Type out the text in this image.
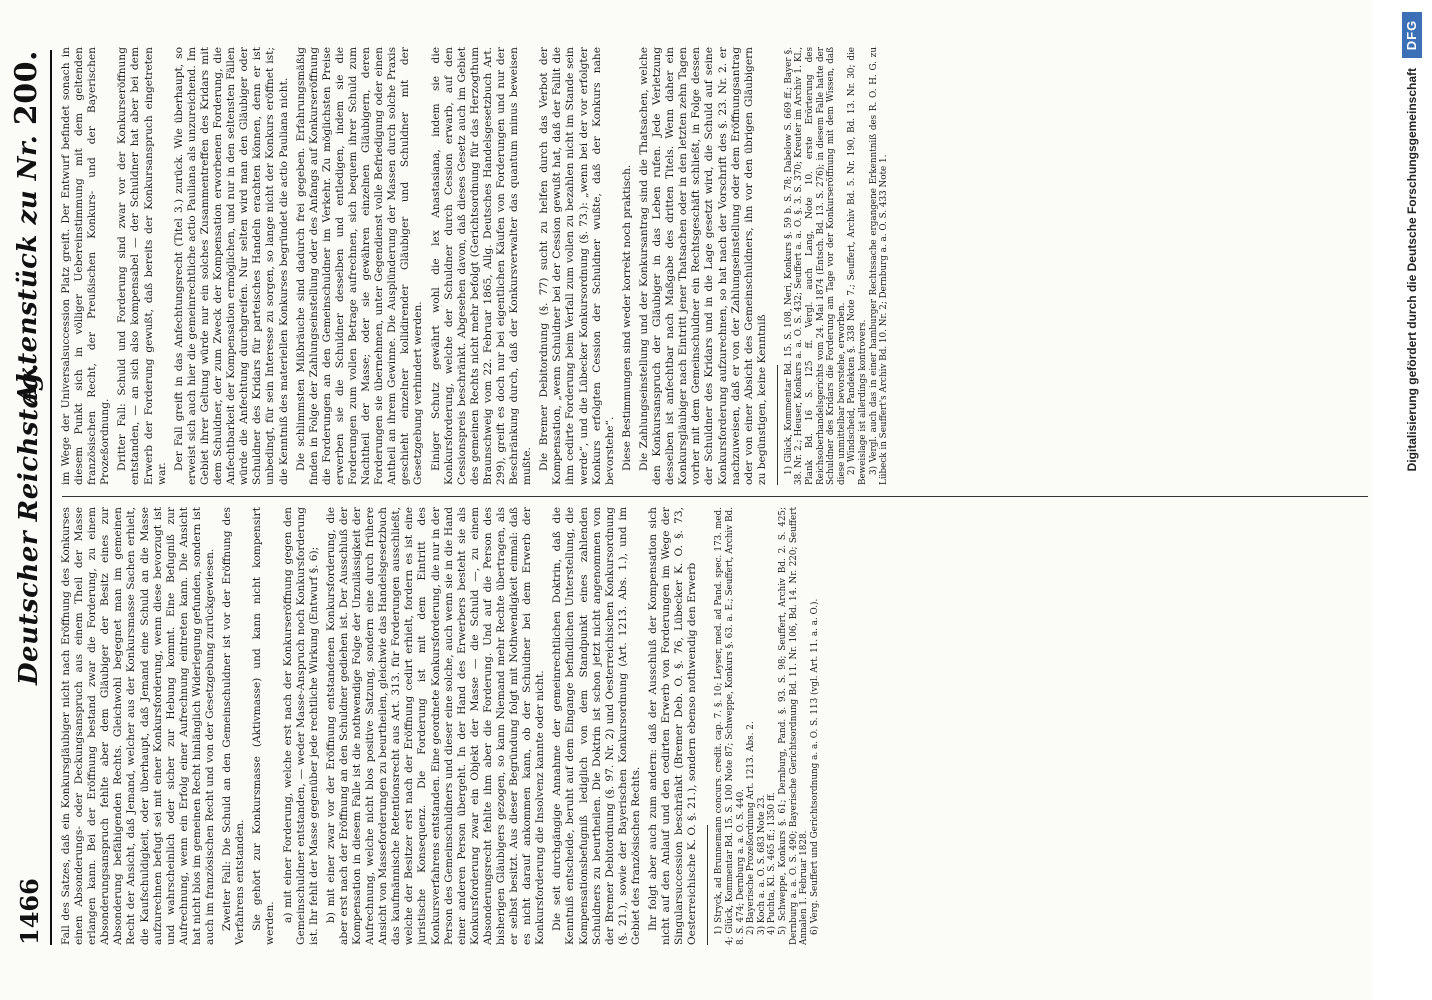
1466
Deutscher Reichstag.
Aktenstück zu Nr. 200.

Fall des Satzes, daß ein Konkursgläubiger nicht nach Eröffnung des Konkurses einen Absonderungs- oder Deckungsanspruch aus einem Theil der Masse erlangen kann. Bei der Eröffnung bestand zwar die Forderung, zu einem Absonderungsanspruch fehlte aber dem Gläubiger der Besitz eines zur Absonderung befähigenden Rechts. Gleichwohl begegnet man im gemeinen Recht der Ansicht, daß Jemand, welcher aus der Konkursmasse Sachen erhielt, die Kaufschuldigkeit, oder überhaupt, daß Jemand eine Schuld an die Masse aufzurechnen befugt sei mit einer Konkursforderung, wenn diese bevorzugt ist und wahrscheinlich oder sicher zur Hebung kommt. Eine Befugniß zur Aufrechnung, wenn ein Erfolg einer Aufrechnung eintreten kann. Die Ansicht hat nicht blos im gemeinen Recht hinlänglich Widerlegung gefunden, sondern ist auch im französischen Recht und von der Gesetzgebung zurückgewiesen. Zweiter Fall: Die Schuld an den Gemeinschuldner ist vor der Eröffnung des Verfahrens entstanden. Sie gehört zur Konkursmasse (Aktivmasse) und kann nicht kompensirt werden.

a) mit einer Forderung, welche erst nach der Konkurseröffnung gegen den Gemeinschuldner entstanden, — weder Masse-Anspruch noch Konkursforderung ist. Ihr fehlt der Masse gegenüber jede rechtliche Wirkung (Entwurf §. 6); b) mit einer zwar vor der Eröffnung entstandenen Konkursforderung, die aber erst nach der Eröffnung an den Schuldner gediehen ist. Der Ausschluß der Kompensation in diesem Falle ist die nothwendige Folge der Unzulässigkeit der Aufrechnung, welche nicht blos positive Satzung, sondern eine durch frühere Ansicht von Masseforderungen zu beurtheilen, gleichwie das Handelsgesetzbuch das kaufmännische Retentionsrecht aus Art. 313. für Forderungen ausschließt, welche der Besitzer erst nach der Eröffnung cedirt erhielt, fordern es ist eine juristische Konsequenz. Die Forderung ist mit dem Eintritt des Konkursverfahrens entstanden. Eine geordnete Konkursforderung, die nur in der Person des Gemeinschuldners und dieser eine solche, auch wenn sie in die Hand einer anderen Person übergeht. In der Hand des Erwerbers besteht sie als Konkursforderung zwar ein Objekt der Masse — die Schuld —, zu einem Absonderungsrecht fehlte ihm aber die Forderung. Und auf die Person des bisherigen Gläubigers gezogen, so kann Niemand mehr Rechte übertragen, als er selbst besitzt. Aus dieser Begründung folgt mit Nothwendigkeit einmal: daß es nicht darauf ankommen kann, ob der Schuldner bei dem Erwerb der Konkursforderung die Insolvenz kannte oder nicht. Die seit durchgängige Annahme der gemeinrechtlichen Doktrin, daß die Kenntniß entscheide, beruht auf dem Eingange befindlichen Unterstellung, die Kompensationsbefugniß lediglich von dem Standpunkt eines zahlenden Schuldners zu beurtheilen. Die Doktrin ist schon jetzt nicht angenommen von der Bremer Debitordnung (§. 97. Nr. 2) und Oesterreichischen Konkursordnung (§. 21.), sowie der Bayerischen Konkursordnung (Art. 1213. Abs. 1.), und im Gebiet des französischen Rechts. Ihr folgt aber auch zum andern: daß der Ausschluß der Kompensation sich nicht auf den Anlauf und den cedirten Erwerb von Forderungen im Wege der Singularsuccession beschränkt (Bremer Deb. O. §. 76, Lübecker K. O. §. 73, Oesterreichische K. O. §. 21.), sondern ebenso nothwendig den Erwerb 1) Stryck, ad Brunnemann concurs. credit. cap. 7. §. 10; Leyser, med. ad Pand. spec. 173. med. 4; Glück, Kommentar Bd. 15. S. 100 Note 87; Schweppe, Konkurs §. 63. a. E.; Seuffert, Archiv Bd. 8. S. 474; Dernburg a. a. O. S. 440. 2) Bayerische Prozeßordnung Art. 1213. Abs. 2. 3) Koch a. a. O. S. 683 Note 23. 4) Puchta, Kl. S. 465 ff.; 1350 ff. 5) Schweppe, Konkurs §. 61; Dernburg, Pand. §. 93. S. 98; Seuffert, Archiv Bd. 2. S. 425; Dernburg a. a. O. S. 490; Bayerische Gerichtsordnung Bd. 11. Nr. 106, Bd. 14. Nr. 220; Seuffert Annalen 1. Februar 1828. 6) Verg. Seuffert und Gerichtsordnung a. a. O. S. 113 (vgl. Art. 11. a. a. O.).

im Wege der Universalsuccession Platz greift. Der Entwurf befindet sonach in diesem Punkt sich in völliger Uebereinstimmung mit dem geltenden französischen Recht, der Preußischen Konkurs- und der Bayerischen Prozeßordnung. Dritter Fall: Schuld und Forderung sind zwar vor der Konkurseröffnung entstanden, — an sich also kompensabel — der Schuldner hat aber bei dem Erwerb der Forderung gewußt, daß bereits der Konkursanspruch eingetreten war.

Der Fall greift in das Anfechtungsrecht (Titel 3.) zurück. Wie überhaupt, so erweist sich auch hier die gemeinrechtliche actio Pauliana als unzureichend. Im Gebiet ihrer Geltung würde nur ein solches Zusammentreffen des Kridars mit dem Schuldner, der zum Zweck der Kompensation erworbenen Forderung, die Anfechtbarkeit der Kompensation ermöglichen, und nur in den seltensten Fällen würde die Anfechtung durchgreifen. Nur selten wird man den Gläubiger oder Schuldner des Kridars für parteisches Handeln erachten können, denn er ist unbedingt, für sein Interesse zu sorgen, so lange nicht der Konkurs eröffnet ist; die Kenntniß des materiellen Konkurses begründet die actio Pauliana nicht. Die schlimmsten Mißbräuche sind dadurch frei gegeben. Erfahrungsmäßig finden in Folge der Zahlungseinstellung oder des Anfangs auf Konkurseröffnung die Forderungen an den Gemeinschuldner im Verkehr. Zu möglichsten Preise erwerben sie die Schuldner desselben und entledigen, indem sie die Forderungen zum vollen Betrage aufrechnen, sich bequem ihrer Schuld zum Nachtheil der Masse; oder sie gewähren einzelnen Gläubigern, deren Forderungen sie übernehmen, unter Gegendienst volle Befriedigung oder einen Antheil an ihrem Gewinne. Die Ausplünderung der Massen durch solche Praxis geschieht einzelner kollidirender Gläubiger und Schuldner mit der Gesetzgebung verhindert werden. Einiger Schutz gewährt wohl die lex Anastasiana, indem sie die Konkursforderung, welche der Schuldner durch Cession erwarb, auf den Cessionspreis beschränkt. Abgesehen davon, daß dieses Gesetz auch im Gebiet des gemeinen Rechts nicht mehr befolgt (Gerichtsordnung für das Herzogthum Braunschweig vom 22. Februar 1865, Allg. Deutsches Handelsgesetzbuch Art. 299), greift es doch nur bei eigentlichen Käufen von Forderungen und nur der Beschränkung durch, daß der Konkursverwalter das quantum minus beweisen mußte. Die Bremer Debitordnung (§. 77) sucht zu helfen durch das Verbot der Kompensation, „wenn Schuldner bei der Cession gewußt hat, daß der Fallit die ihm cedirte Forderung beim Verfall zum vollen zu bezahlen nicht im Stande sein werde“, und die Lübecker Konkursordnung (§. 73.): „wenn bei der vor erfolgter Konkurs erfolgten Cession der Schuldner wußte, daß der Konkurs nahe bevorstehe“. Diese Bestimmungen sind weder korrekt noch praktisch. Die Zahlungseinstellung und der Konkursantrag sind die Thatsachen, welche den Konkursanspruch der Gläubiger in das Leben rufen. Jede Verletzung desselben ist anfechtbar nach Maßgabe des dritten Titels. Wenn daher ein Konkursgläubiger nach Eintritt jener Thatsachen oder in den letzten zehn Tagen vorher mit dem Gemeinschuldner ein Rechtsgeschäft schließt, in Folge dessen der Schuldner des Kridars und in die Lage gesetzt wird, die Schuld auf seine Konkursforderung aufzurechnen, so hat nach der Vorschrift des §. 23. Nr. 2. er nachzuweisen, daß er von der Zahlungseinstellung oder dem Eröffnungsantrag oder von einer Absicht des Gemeinschuldners, ihn vor den übrigen Gläubigern zu begünstigen, keine Kenntniß 1) Glück, Kommentar Bd. 15. S. 108, Neri, Konkurs §. 59 b. S. 78; Dabelow S. 669 ff.; Bayer §. 38. Nr. 2.; Heuser, Konkurs a. a. O. S. 432; Seuffert a. a. O. §. 3. S. 370; Kreuter im Archiv 1. Kl., Plank Bd. 16 S. 125 ff. Vergl. auch Lang, Note 10. erste Erörterung des Reichsoberhandelsgerichts vom 24. Mai 1874 (Entsch. Bd. 13. S. 276); in diesem Falle hatte der Schuldner des Kridars die Forderung am Tage vor der Konkurseröffnung mit dem Wissen, daß diese unmittelbar bevorstehe, erworben. 2) Windscheid, Pandekten §. 338 Note 7.; Seuffert, Archiv Bd. 5. Nr. 190, Bd. 13. Nr. 30; die Beweislage ist allerdings kontrovers. 3) Vergl. auch das in einer hamburger Rechtssache ergangene Erkenntniß des R. O. H. G. zu Lübeck in Seuffert's Archiv Bd. 10. Nr. 2; Dernburg a. a. O. S. 433 Note 1.	Digitalisierung gefördert durch die Deutsche Forschungsgemeinschaft
DFG
